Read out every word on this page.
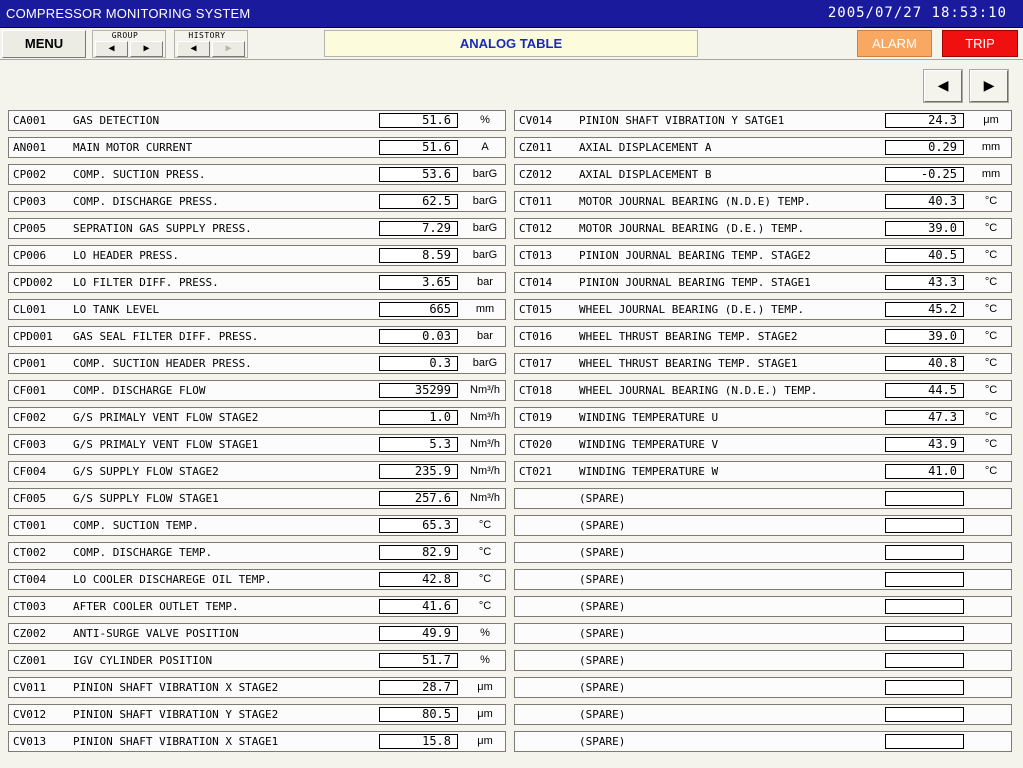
COMPRESSOR MONITORING SYSTEM	2005/07/27 18:53:10
MENU
GROUP
◀	▶
HISTORY
◀	▶	ANALOG TABLE	ALARM	TRIP
◀	▶
CA001 GAS DETECTION	51.6	%
AN001 MAIN MOTOR CURRENT	51.6	A
CP002 COMP. SUCTION PRESS.	53.6	barG
CP003 COMP. DISCHARGE PRESS.	62.5	barG
CP005 SEPRATION GAS SUPPLY PRESS.	7.29	barG
CP006 LO HEADER PRESS.	8.59	barG
CPD002 LO FILTER DIFF. PRESS.	3.65	bar
CL001 LO TANK LEVEL	665	mm
CPD001 GAS SEAL FILTER DIFF. PRESS.	0.03	bar
CP001 COMP. SUCTION HEADER PRESS.	0.3	barG
CF001 COMP. DISCHARGE FLOW	35299	Nm³/h
CF002 G/S PRIMALY VENT FLOW STAGE2	1.0	Nm³/h
CF003 G/S PRIMALY VENT FLOW STAGE1	5.3	Nm³/h
CF004 G/S SUPPLY FLOW STAGE2	235.9	Nm³/h
CF005 G/S SUPPLY FLOW STAGE1	257.6	Nm³/h
CT001 COMP. SUCTION TEMP.	65.3	°C
CT002 COMP. DISCHARGE TEMP.	82.9	°C
CT004 LO COOLER DISCHAREGE OIL TEMP.	42.8	°C
CT003 AFTER COOLER OUTLET TEMP.	41.6	°C
CZ002 ANTI-SURGE VALVE POSITION	49.9	%
CZ001 IGV CYLINDER POSITION	51.7	%
CV011 PINION SHAFT VIBRATION X STAGE2	28.7	μm
CV012 PINION SHAFT VIBRATION Y STAGE2	80.5	μm
CV013 PINION SHAFT VIBRATION X STAGE1	15.8	μm
CV014 PINION SHAFT VIBRATION Y SATGE1	24.3	μm
CZ011 AXIAL DISPLACEMENT A	0.29	mm
CZ012 AXIAL DISPLACEMENT B	-0.25	mm
CT011 MOTOR JOURNAL BEARING (N.D.E) TEMP.	40.3	°C
CT012 MOTOR JOURNAL BEARING (D.E.) TEMP.	39.0	°C
CT013 PINION JOURNAL BEARING TEMP. STAGE2	40.5	°C
CT014 PINION JOURNAL BEARING TEMP. STAGE1	43.3	°C
CT015 WHEEL JOURNAL BEARING (D.E.) TEMP.	45.2	°C
CT016 WHEEL THRUST BEARING TEMP. STAGE2	39.0	°C
CT017 WHEEL THRUST BEARING TEMP. STAGE1	40.8	°C
CT018 WHEEL JOURNAL BEARING (N.D.E.) TEMP.	44.5	°C
CT019 WINDING TEMPERATURE U	47.3	°C
CT020 WINDING TEMPERATURE V	43.9	°C
CT021 WINDING TEMPERATURE W	41.0	°C
(SPARE)
(SPARE)
(SPARE)
(SPARE)
(SPARE)
(SPARE)
(SPARE)
(SPARE)
(SPARE)
(SPARE)
